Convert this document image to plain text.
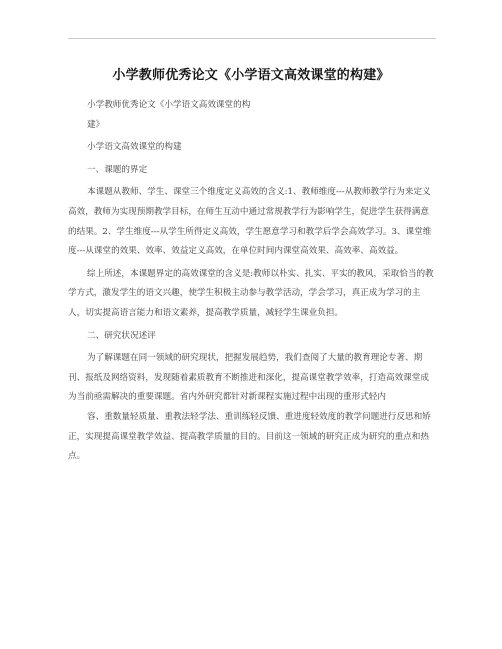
小学教师优秀论文《小学语文高效课堂的构建》

小学教师优秀论文《小学语文高效课堂的构

建》

小学语文高效课堂的构建

一、课题的界定

本课题从教师、学生、课堂三个维度定义高效的含义:1、教师维度---从教师教学行为来定义高效，教师为实现预期教学目标，在师生互动中通过常规教学行为影响学生，促进学生获得满意的结果。2、学生维度---从学生所得定义高效，学生愿意学习和教学后学会高效学习。3、课堂维度---从课堂的效果、效率、效益定义高效，在单位时间内课堂高效果、高效率、高效益。

综上所述，本课题界定的高效课堂的含义是:教师以朴实、扎实、平实的教风，采取恰当的教学方式，激发学生的语文兴趣，使学生积极主动参与教学活动，学会学习，真正成为学习的主人，切实提高语言能力和语文素养，提高教学质量，减轻学生课业负担。

二、研究状况述评

为了解课题在同一领域的研究现状，把握发展趋势，我们查阅了大量的教育理论专著、期刊、报纸及网络资料，发现随着素质教育不断推进和深化，提高课堂教学效率，打造高效课堂成为当前亟需解决的重要课题。省内外研究都针对新课程实施过程中出现的重形式轻内

容、重数量轻质量、重教法轻学法、重训练轻反馈、重进度轻效度的教学问题进行反思和矫正，实现提高课堂教学效益、提高教学质量的目的。目前这一领域的研究正成为研究的重点和热点。
